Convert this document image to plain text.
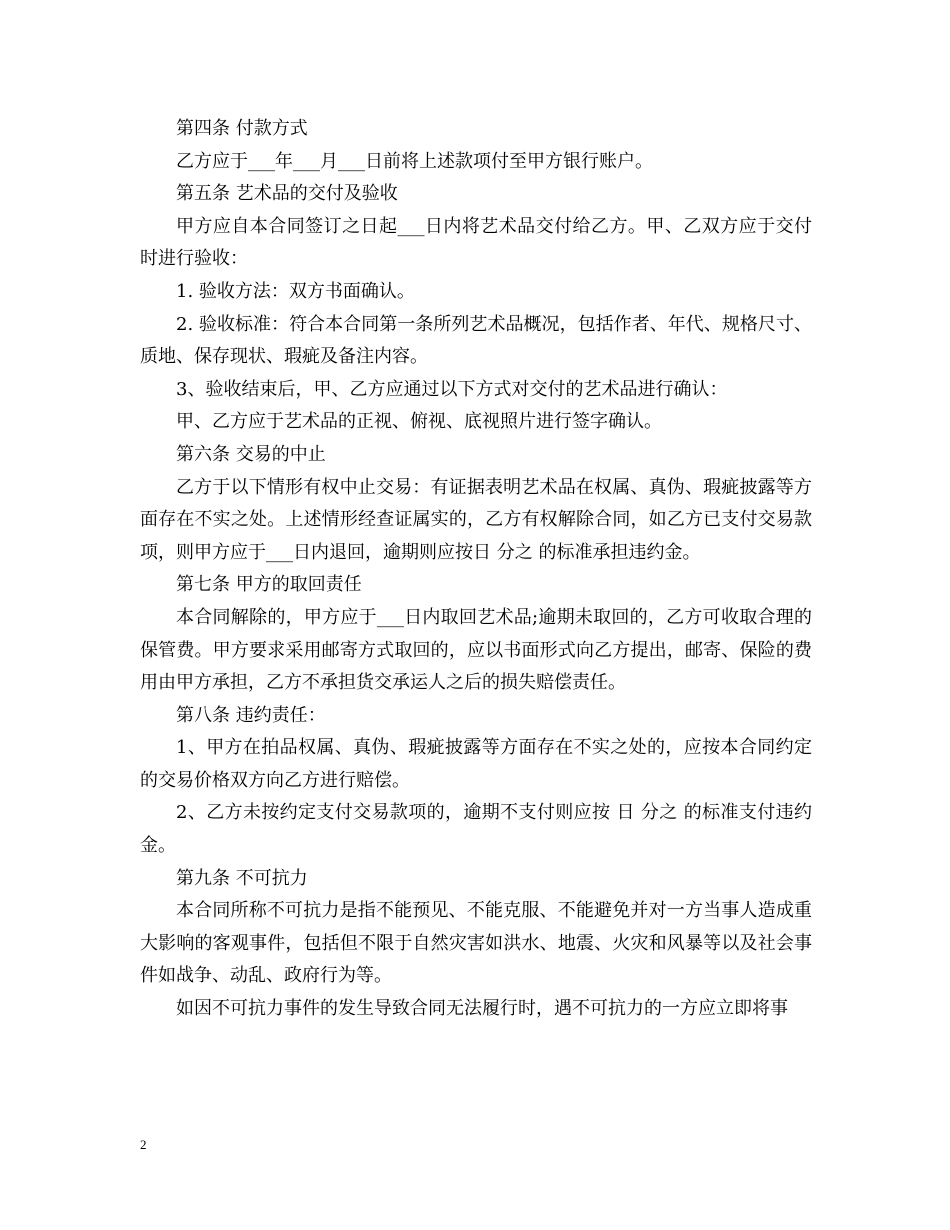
第四条 付款方式

乙方应于___年___月___日前将上述款项付至甲方银行账户。

第五条 艺术品的交付及验收

甲方应自本合同签订之日起___日内将艺术品交付给乙方。甲、乙双方应于交付时进行验收：

1. 验收方法：双方书面确认。

2. 验收标准：符合本合同第一条所列艺术品概况，包括作者、年代、规格尺寸、质地、保存现状、瑕疵及备注内容。

3、验收结束后，甲、乙方应通过以下方式对交付的艺术品进行确认：

甲、乙方应于艺术品的正视、俯视、底视照片进行签字确认。

第六条 交易的中止

乙方于以下情形有权中止交易：有证据表明艺术品在权属、真伪、瑕疵披露等方面存在不实之处。上述情形经查证属实的，乙方有权解除合同，如乙方已支付交易款项，则甲方应于___日内退回，逾期则应按日 分之 的标准承担违约金。

第七条 甲方的取回责任

本合同解除的，甲方应于___日内取回艺术品;逾期未取回的，乙方可收取合理的保管费。甲方要求采用邮寄方式取回的，应以书面形式向乙方提出，邮寄、保险的费用由甲方承担，乙方不承担货交承运人之后的损失赔偿责任。

第八条 违约责任：

1、甲方在拍品权属、真伪、瑕疵披露等方面存在不实之处的，应按本合同约定的交易价格双方向乙方进行赔偿。

2、乙方未按约定支付交易款项的，逾期不支付则应按 日 分之 的标准支付违约金。

第九条 不可抗力

本合同所称不可抗力是指不能预见、不能克服、不能避免并对一方当事人造成重大影响的客观事件，包括但不限于自然灾害如洪水、地震、火灾和风暴等以及社会事件如战争、动乱、政府行为等。

如因不可抗力事件的发生导致合同无法履行时，遇不可抗力的一方应立即将事

2
